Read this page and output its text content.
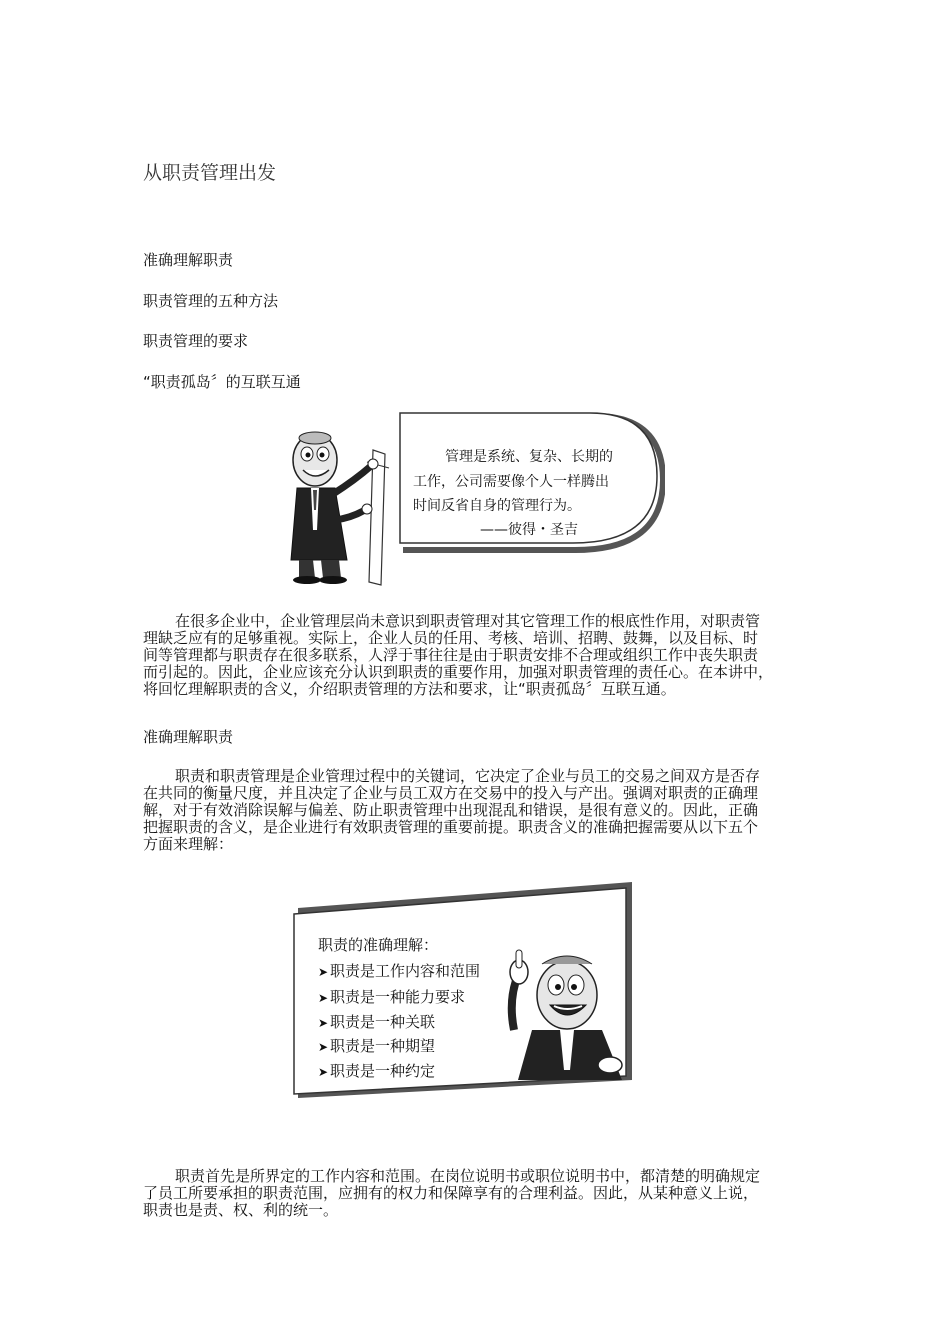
从职责管理出发
准确理解职责
职责管理的五种方法
职责管理的要求
“职责孤岛〞的互联互通
管理是系统、复杂、长期的
工作，公司需要像个人一样腾出
时间反省自身的管理行为。
——彼得・圣吉
在很多企业中，企业管理层尚未意识到职责管理对其它管理工作的根底性作用，对职责管
理缺乏应有的足够重视。实际上，企业人员的任用、考核、培训、招聘、鼓舞，以及目标、时
间等管理都与职责存在很多联系，人浮于事往往是由于职责安排不合理或组织工作中丧失职责
而引起的。因此，企业应该充分认识到职责的重要作用，加强对职责管理的责任心。在本讲中，
将回忆理解职责的含义，介绍职责管理的方法和要求，让“职责孤岛〞互联互通。
准确理解职责
职责和职责管理是企业管理过程中的关键词，它决定了企业与员工的交易之间双方是否存
在共同的衡量尺度，并且决定了企业与员工双方在交易中的投入与产出。强调对职责的正确理
解，对于有效消除误解与偏差、防止职责管理中出现混乱和错误，是很有意义的。因此，正确
把握职责的含义，是企业进行有效职责管理的重要前提。职责含义的准确把握需要从以下五个
方面来理解：
职责的准确理解：
➤ 职责是工作内容和范围
➤ 职责是一种能力要求
➤ 职责是一种关联
➤ 职责是一种期望
➤ 职责是一种约定
职责首先是所界定的工作内容和范围。在岗位说明书或职位说明书中，都清楚的明确规定
了员工所要承担的职责范围，应拥有的权力和保障享有的合理利益。因此，从某种意义上说，
职责也是责、权、利的统一。
